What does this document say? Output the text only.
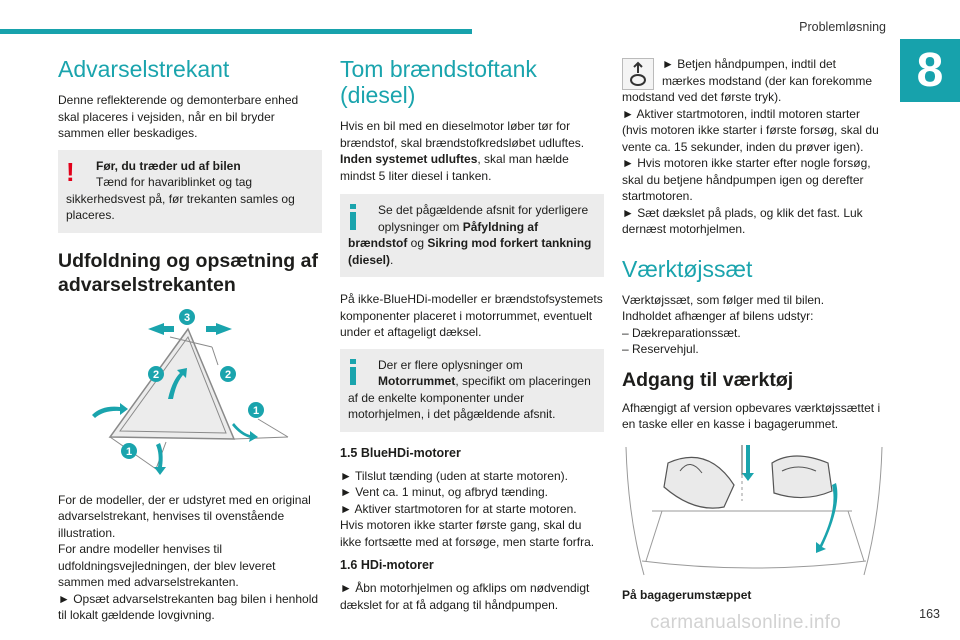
Problemløsning
8
163
carmanualsonline.info
Advarselstrekant

Denne reflekterende og demonterbare enhed skal placeres i vejsiden, når en bil bryder sammen eller beskadiges.

!	Før, du træder ud af bilen
Tænd for havariblinket og tag
sikkerhedsvest på, før trekanten samles og placeres.
Udfoldning og opsætning af advarselstrekanten
3
2	2
1
1

For de modeller, der er udstyret med en original advarselstrekant, henvises til ovenstående illustration.

For andre modeller henvises til udfoldningsvejledningen, der blev leveret sammen med advarselstrekanten.

► Opsæt advarselstrekanten bag bilen i henhold til lokalt gældende lovgivning.

Tom brændstoftank (diesel)

Hvis en bil med en dieselmotor løber tør for brændstof, skal brændstofkredsløbet udluftes. Inden systemet udluftes, skal man hælde mindst 5 liter diesel i tanken.

Se det pågældende afsnit for yderligere
oplysninger om Påfyldning af
brændstof og Sikring mod forkert tankning (diesel).

På ikke-BlueHDi-modeller er brændstofsystemets komponenter placeret i motorrummet, eventuelt under et aftageligt dæksel.

Der er flere oplysninger om
Motorrummet, specifikt om placeringen af de enkelte komponenter under motorhjelmen, i det pågældende afsnit.
1.5 BlueHDi-motorer
► Tilslut tænding (uden at starte motoren).
► Vent ca. 1 minut, og afbryd tænding.
► Aktiver startmotoren for at starte motoren.
Hvis motoren ikke starter første gang, skal du ikke fortsætte med at forsøge, men starte forfra.
1.6 HDi-motorer

► Åbn motorhjelmen og afklips om nødvendigt dækslet for at få adgang til håndpumpen.

► Betjen håndpumpen, indtil det
mærkes modstand (der kan forekomme
modstand ved det første tryk).

► Aktiver startmotoren, indtil motoren starter (hvis motoren ikke starter i første forsøg, skal du vente ca. 15 sekunder, inden du prøver igen).

► Hvis motoren ikke starter efter nogle forsøg, skal du betjene håndpumpen igen og derefter startmotoren.

► Sæt dækslet på plads, og klik det fast. Luk dernæst motorhjelmen.

Værktøjssæt
Værktøjssæt, som følger med til bilen.
Indholdet afhænger af bilens udstyr:
– Dækreparationssæt.
– Reservehjul.
Adgang til værktøj

Afhængigt af version opbevares værktøjssættet i en taske eller en kasse i bagagerummet.

På bagagerumstæppet
